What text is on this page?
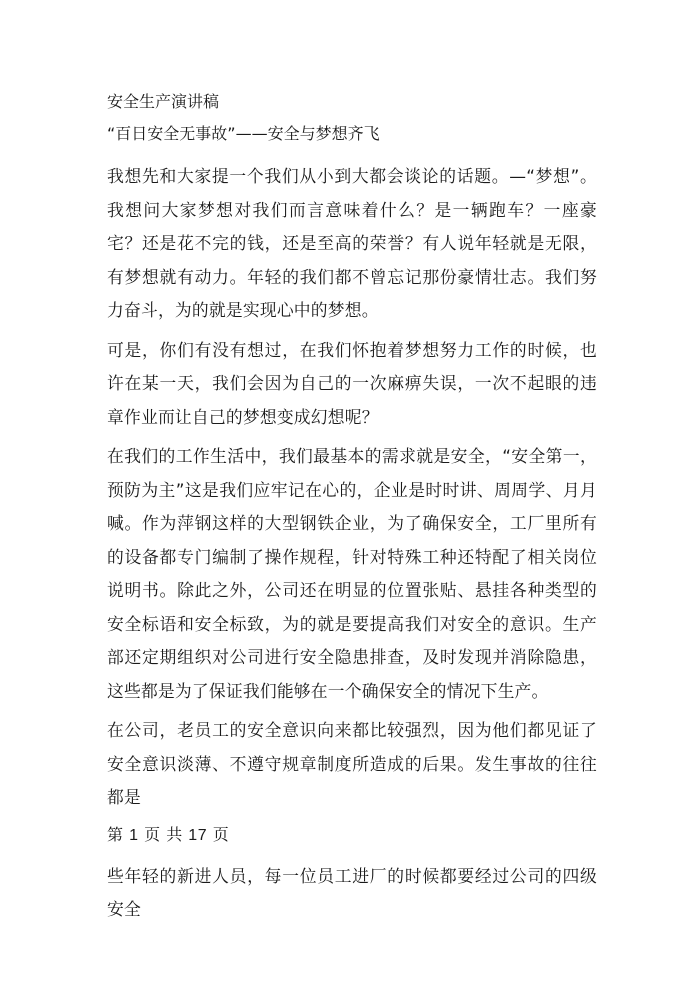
安全生产演讲稿
“百日安全无事故”——安全与梦想齐飞

我想先和大家提一个我们从小到大都会谈论的话题。—“梦想”。我想问大家梦想对我们而言意味着什么？是一辆跑车？一座豪宅？还是花不完的钱，还是至高的荣誉？有人说年轻就是无限，有梦想就有动力。年轻的我们都不曾忘记那份豪情壮志。我们努力奋斗，为的就是实现心中的梦想。

可是，你们有没有想过，在我们怀抱着梦想努力工作的时候，也许在某一天，我们会因为自己的一次麻痹失误，一次不起眼的违章作业而让自己的梦想变成幻想呢？

在我们的工作生活中，我们最基本的需求就是安全，“安全第一，预防为主”这是我们应牢记在心的，企业是时时讲、周周学、月月喊。作为萍钢这样的大型钢铁企业，为了确保安全，工厂里所有的设备都专门编制了操作规程，针对特殊工种还特配了相关岗位说明书。除此之外，公司还在明显的位置张贴、悬挂各种类型的安全标语和安全标致，为的就是要提高我们对安全的意识。生产部还定期组织对公司进行安全隐患排查，及时发现并消除隐患，这些都是为了保证我们能够在一个确保安全的情况下生产。

在公司，老员工的安全意识向来都比较强烈，因为他们都见证了安全意识淡薄、不遵守规章制度所造成的后果。发生事故的往往都是

第 1 页 共 17 页

些年轻的新进人员，每一位员工进厂的时候都要经过公司的四级安全
